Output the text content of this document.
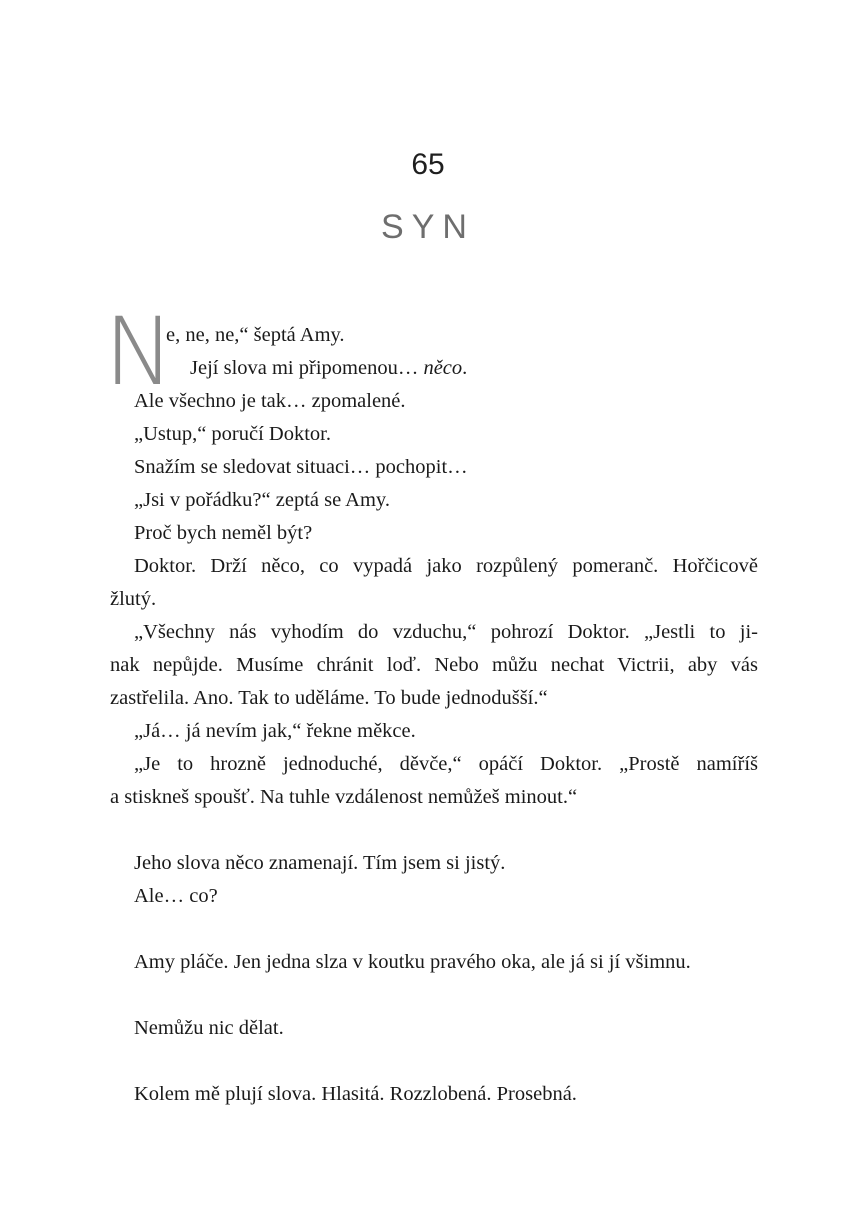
65
SYN
N
e, ne, ne,“ šeptá Amy.
Její slova mi připomenou… něco.
Ale všechno je tak… zpomalené.
„Ustup,“ poručí Doktor.
Snažím se sledovat situaci… pochopit…
„Jsi v pořádku?“ zeptá se Amy.
Proč bych neměl být?
Doktor. Drží něco, co vypadá jako rozpůlený pomeranč. Hořčicově
žlutý.
„Všechny nás vyhodím do vzduchu,“ pohrozí Doktor. „Jestli to ji-
nak nepůjde. Musíme chránit loď. Nebo můžu nechat Victrii, aby vás
zastřelila. Ano. Tak to uděláme. To bude jednodušší.“
„Já… já nevím jak,“ řekne měkce.
„Je to hrozně jednoduché, děvče,“ opáčí Doktor. „Prostě namíříš
a stiskneš spoušť. Na tuhle vzdálenost nemůžeš minout.“
Jeho slova něco znamenají. Tím jsem si jistý.
Ale… co?
Amy pláče. Jen jedna slza v koutku pravého oka, ale já si jí všimnu.
Nemůžu nic dělat.
Kolem mě plují slova. Hlasitá. Rozzlobená. Prosebná.
